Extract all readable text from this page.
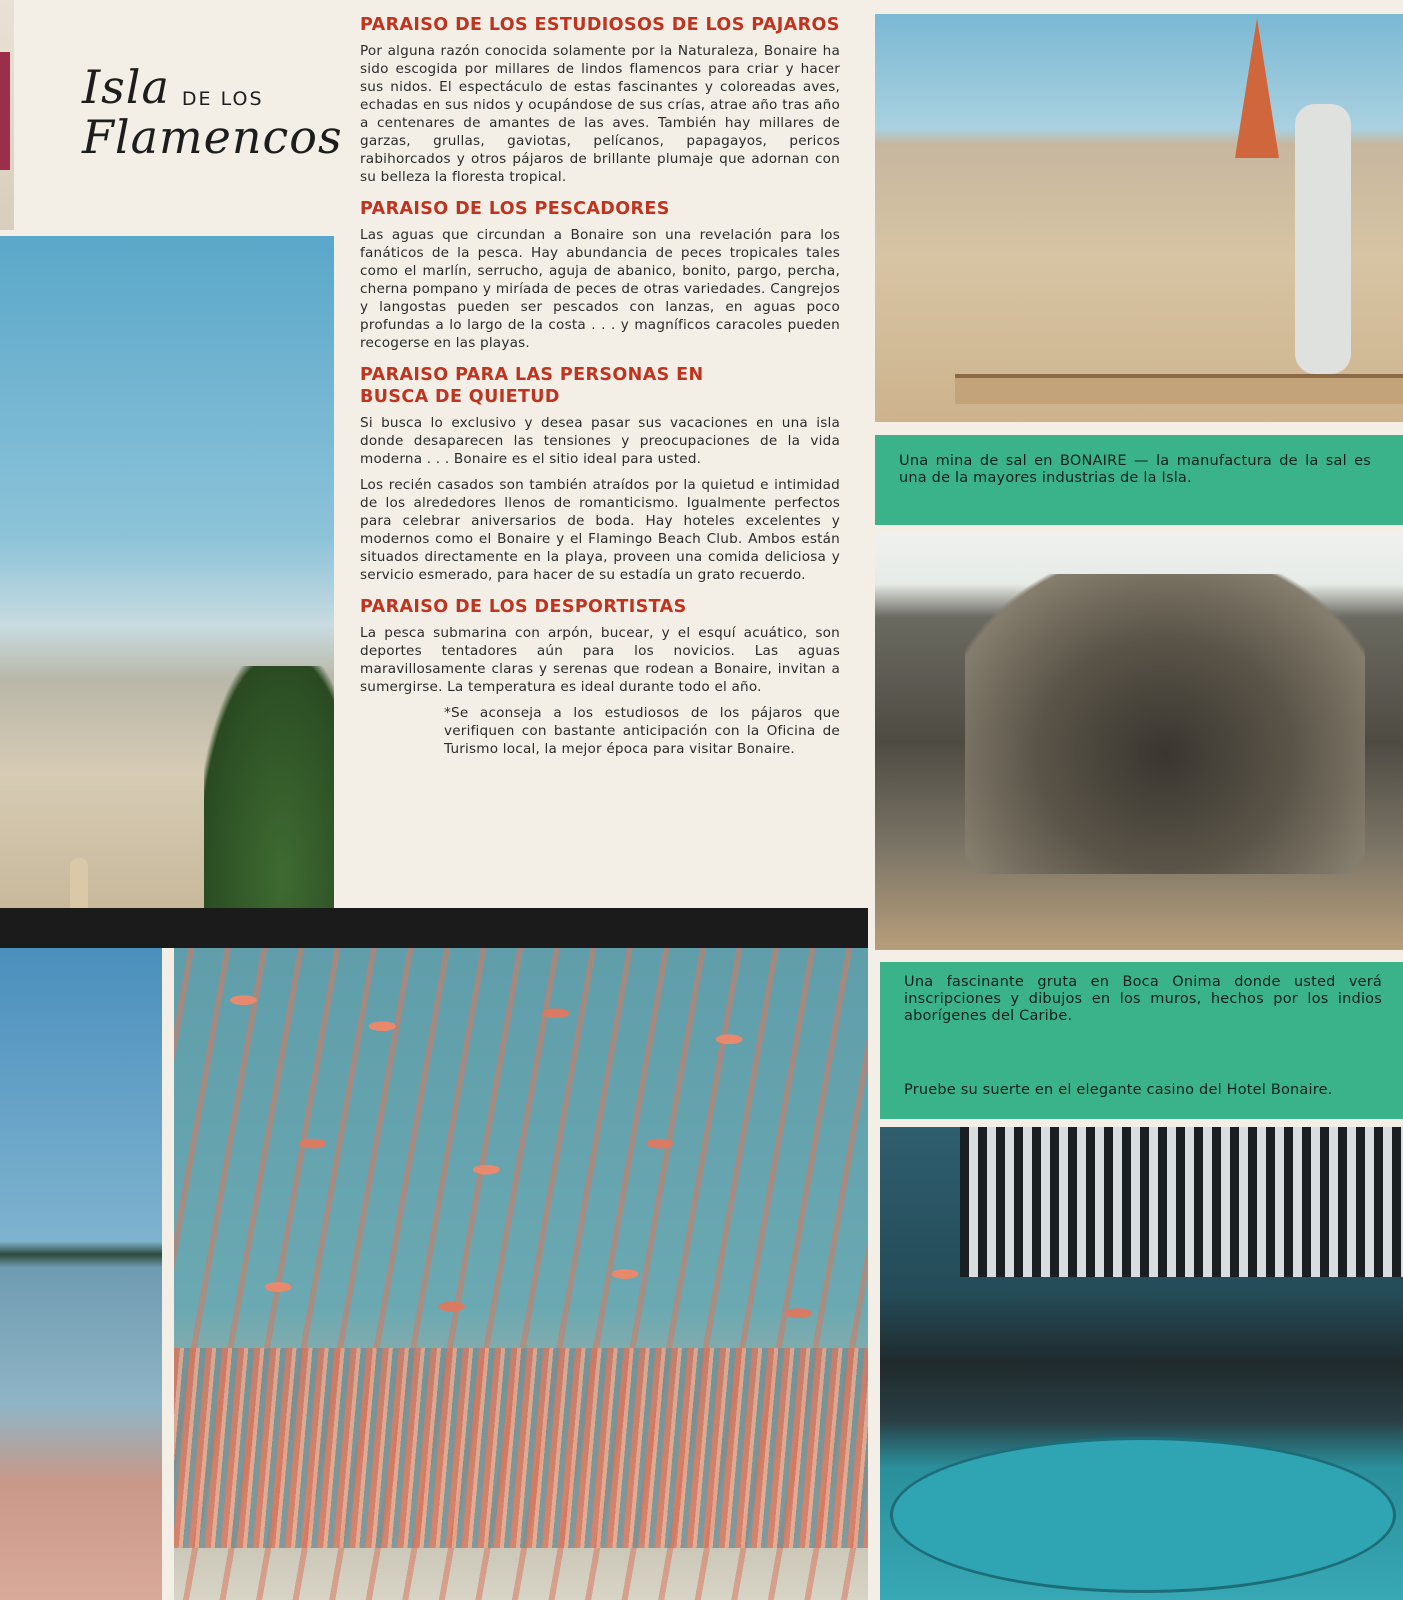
Isla DE LOS
Flamencos
PARAISO DE LOS ESTUDIOSOS DE LOS PAJAROS

Por alguna razón conocida solamente por la Naturaleza, Bonaire ha sido escogida por millares de lindos flamencos para criar y hacer sus nidos. El espectáculo de estas fascinantes y coloreadas aves, echadas en sus nidos y ocupándose de sus crías, atrae año tras año a centenares de amantes de las aves. También hay millares de garzas, grullas, gaviotas, pelícanos, papagayos, pericos rabihorcados y otros pájaros de brillante plumaje que adornan con su belleza la floresta tropical.

PARAISO DE LOS PESCADORES

Las aguas que circundan a Bonaire son una revelación para los fanáticos de la pesca. Hay abundancia de peces tropicales tales como el marlín, serrucho, aguja de abanico, bonito, pargo, percha, cherna pompano y miríada de peces de otras variedades. Cangrejos y langostas pueden ser pescados con lanzas, en aguas poco profundas a lo largo de la costa . . . y magníficos caracoles pueden recogerse en las playas.

PARAISO PARA LAS PERSONAS EN BUSCA DE QUIETUD

Si busca lo exclusivo y desea pasar sus vacaciones en una isla donde desaparecen las tensiones y preocupaciones de la vida moderna . . . Bonaire es el sitio ideal para usted.

Los recién casados son también atraídos por la quietud e intimidad de los alrededores llenos de romanticismo. Igualmente perfectos para celebrar aniversarios de boda. Hay hoteles excelentes y modernos como el Bonaire y el Flamingo Beach Club. Ambos están situados directamente en la playa, proveen una comida deliciosa y servicio esmerado, para hacer de su estadía un grato recuerdo.

PARAISO DE LOS DESPORTISTAS

La pesca submarina con arpón, bucear, y el esquí acuático, son deportes tentadores aún para los novicios. Las aguas maravillosamente claras y serenas que rodean a Bonaire, invitan a sumergirse. La temperatura es ideal durante todo el año.

*Se aconseja a los estudiosos de los pájaros que verifiquen con bastante anticipación con la Oficina de Turismo local, la mejor época para visitar Bonaire.

Una mina de sal en BONAIRE — la manufactura de la sal es una de la mayores industrias de la Isla.
Una fascinante gruta en Boca Onima donde usted verá inscripciones y dibujos en los muros, hechos por los indios aborígenes del Caribe.
Pruebe su suerte en el elegante casino del Hotel Bonaire.
